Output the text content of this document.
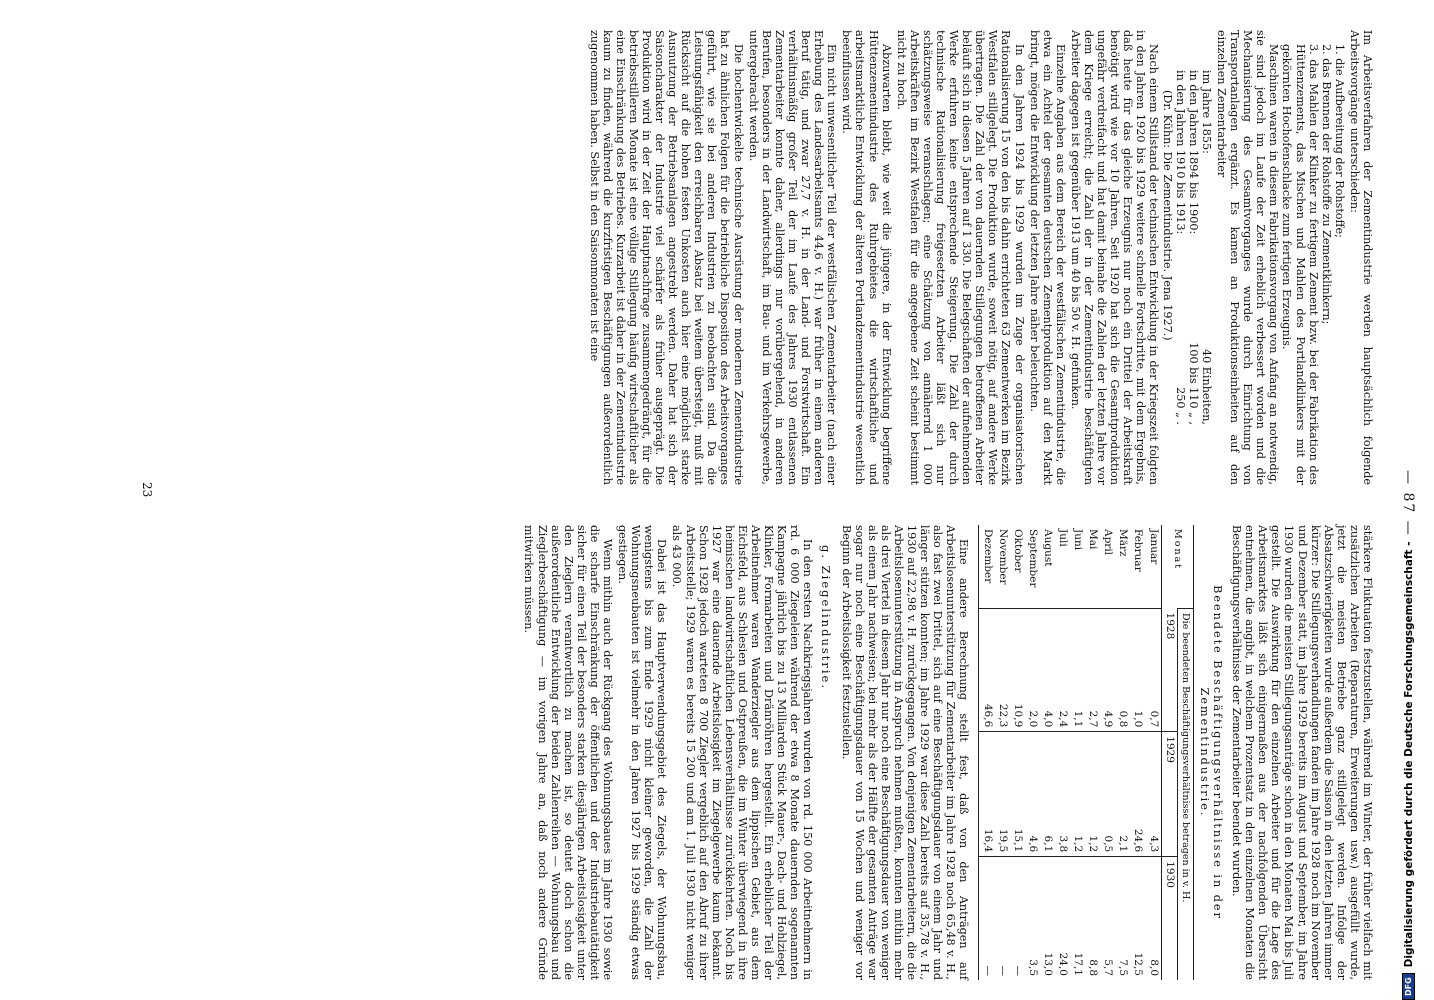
— 87 —

Im Arbeitsverfahren der Zementindustrie werden hauptsächlich folgende Arbeitsvorgänge unterschieden:

1. die Aufbereitung der Rohstoffe;
2. das Brennen der Rohstoffe zu Zementklinkern;
3. das Mahlen der Klinker zu fertigem Zement bzw. bei der Fabrikation des Hüttenzements, das Mischen und Mahlen des Portlandklinkers mit der gekörnten Hochofenschlacke zum fertigen Erzeugnis.

Maschinen waren in diesem Fabrikationsvorgang von Anfang an notwendig, sie sind jedoch im Laufe der Zeit erheblich verbessert worden und die Mechanisierung des Gesamtvorganges wurde durch Einrichtung von Transportanlagen ergänzt. Es kamen an Produktionseinheiten auf den einzelnen Zementarbeiter

im Jahre 1855:
40 Einheiten,
in den Jahren 1894 bis 1900:
100 bis 110 „ ,
in den Jahren 1910 bis 1913:
250 „ .
(Dr. Kühn: Die Zementindustrie. Jena 1927.)

Nach einem Stillstand der technischen Entwicklung in der Kriegszeit folgten in den Jahren 1920 bis 1929 weitere schnelle Fortschritte, mit dem Ergebnis, daß heute für das gleiche Erzeugnis nur noch ein Drittel der Arbeitskraft benötigt wird wie vor 10 Jahren. Seit 1920 hat sich die Gesamtproduktion ungefähr verdreifacht und hat damit beinahe die Zahlen der letzten Jahre vor dem Kriege erreicht; die Zahl der in der Zementindustrie beschäftigten Arbeiter dagegen ist gegenüber 1913 um 40 bis 50 v. H. gefunken.

Einzelne Angaben aus dem Bereich der westfälischen Zementindustrie, die etwa ein Achtel der gesamten deutschen Zementproduktion auf den Markt bringt, mögen die Entwicklung der letzten Jahre näher beleuchten.

In den Jahren 1924 bis 1929 wurden im Zuge der organisatorischen Rationalisierung 15 von den bis dahin errichteten 63 Zementwerken im Bezirk Westfalen stillgelegt. Die Produktion wurde, soweit nötig, auf andere Werke übertragen. Die Zahl der von dauernden Stillegungen betroffenen Arbeiter beläuft sich in diesen 5 Jahren auf 1 330. Die Belegschaften der aufnehmenden Werke erfuhren keine entsprechende Steigerung. Die Zahl der durch technische Rationalisierung freigesetzten Arbeiter läßt sich nur schätzungsweise veranschlagen; eine Schätzung von annähernd 1 000 Arbeitskräften im Bezirk Westfalen für die angegebene Zeit scheint bestimmt nicht zu hoch.

Abzuwarten bleibt, wie weit die jüngere, in der Entwicklung begriffene Hüttenzementindustrie des Ruhrgebietes die wirtschaftliche und arbeitsmarktliche Entwicklung der älteren Portlandzementindustrie wesentlich beeinflussen wird.

Ein nicht unwesentlicher Teil der westfälischen Zementarbeiter (nach einer Erhebung des Landesarbeitsamts 44,6 v. H.) war früher in einem anderen Beruf tätig, und zwar 27,7 v. H. in der Land- und Forstwirtschaft. Ein verhältnismäßig großer Teil der im Laufe des Jahres 1930 entlassenen Zementarbeiter konnte daher, allerdings nur vorübergehend, in anderen Berufen, besonders in der Landwirtschaft, im Bau- und im Verkehrsgewerbe, untergebracht werden.

Die hochentwickelte technische Ausrüstung der modernen Zementindustrie hat zu ähnlichen Folgen für die betriebliche Disposition des Arbeitsvorganges geführt, wie sie bei anderen Industrien zu beobachten sind. Da die Leistungsfähigkeit den erreichbaren Absatz bei weitem übersteigt, muß mit Rücksicht auf die hohen festen Unkosten auch hier eine möglichst starke Ausnutzung der Betriebsanlagen angestrebt werden. Daher hat sich der Saisoncharakter der Industrie viel schärfer als früher ausgeprägt. Die Produktion wird in der Zeit der Hauptnachfrage zusammengedrängt, für die betriebsstilleren Monate ist eine völlige Stillegung häufig wirtschaftlicher als eine Einschränkung des Betriebes. Kurzarbeit ist daher in der Zementindustrie kaum zu finden, während die kurzfristigen Beschäftigungen außerordentlich zugenommen haben. Selbst in den Saisonmonaten ist eine

stärkere Fluktuation festzustellen, während im Winter, der früher vielfach mit zusätzlichen Arbeiten (Reparaturen, Erweiterungen usw.) ausgefüllt wurde, jetzt die meisten Betriebe ganz stillgelegt werden. Infolge der Absatzschwierigkeiten wurde außerdem die Saison in den letzten Jahren immer kürzer: Die Stillegungsverhandlungen fanden im Jahre 1928 noch im November und Dezember statt, im Jahre 1929 bereits im August und September, im Jahre 1930 wurden die meisten Stillegungsanträge schon in den Monaten Mai bis Juli gestellt. Die Auswirkung für den einzelnen Arbeiter und für die Lage des Arbeitsmarktes läßt sich einigermaßen aus der nachfolgenden Übersicht entnehmen, die angibt, in welchem Prozentsatz in den einzelnen Monaten die Beschäftigungsverhältnisse der Zementarbeiter beendet wurden.

Beendete Beschäftigungsverhältnisse in der Zementindustrie.
Monat	Die beendeten Beschäftigungsverhältnisse betragen in v. H.		
	1928	1929	1930
Januar	0,7	4,3	8,0
Februar	1,0	24,6	12,5
März	0,8	2,1	7,5
April	4,9	0,5	5,7
Mai	2,7	1,2	8,8
Juni	1,1	1,2	17,1
Juli	2,4	3,8	24,0
August	4,0	6,1	13,0
September	2,0	4,6	3,5
Oktober	10,9	15,1	—
November	22,3	19,5	—
Dezember	46,6	16,4	—

Eine andere Berechnung stellt fest, daß von den Anträgen auf Arbeitslosenunterstützung für Zementarbeiter im Jahre 1928 noch 65,48 v. H., also fast zwei Drittel, sich auf eine Beschäftigungsdauer von einem Jahr und länger stützen konnten; im Jahre 1929 war diese Zahl bereits auf 35,78 v. H., 1930 auf 22,98 v. H. zurückgegangen. Von denjenigen Zementarbeitern, die die Arbeitslosenunterstützung in Anspruch nehmen mußten, konnten mithin mehr als drei Viertel in diesem Jahr nur noch eine Beschäftigungsdauer von weniger als einem Jahr nachweisen; bei mehr als der Hälfte der gesamten Anträge war sogar nur noch eine Beschäftigungsdauer von 15 Wochen und weniger vor Beginn der Arbeitslosigkeit festzustellen.

g. Ziegelindustrie.

In den ersten Nachkriegsjahren wurden von rd. 150 000 Arbeitnehmern in rd. 6 000 Ziegeleien während der etwa 8 Monate dauernden sogenannten Kampagne jährlich bis zu 13 Milliarden Stück Mauer-, Dach- und Hohlziegel, Klinker, Formarbeiten und Dränröhren hergestellt. Ein erheblicher Teil der Arbeitnehmer waren Wanderziegler aus dem lippischen Gebiet, aus dem Eichsfeld, aus Schlesien und Ostpreußen, die im Winter überwiegend in ihre heimischen landwirtschaftlichen Lebensverhältnisse zurückkehrten. Noch bis 1927 war eine dauernde Arbeitslosigkeit im Ziegelgewerbe kaum bekannt. Schon 1928 jedoch warteten 8 700 Ziegler vergeblich auf den Abruf zu ihrer Arbeitsstelle; 1929 waren es bereits 15 200 und am 1. Juli 1930 nicht weniger als 43 000.

Dabei ist das Hauptverwendungsgebiet des Ziegels, der Wohnungsbau, wenigstens bis zum Ende 1929 nicht kleiner geworden, die Zahl der Wohnungsneubauten ist vielmehr in den Jahren 1927 bis 1929 ständig etwas gestiegen.

Wenn mithin auch der Rückgang des Wohnungsbaues im Jahre 1930 sowie die scharfe Einschränkung der öffentlichen und der Industriebautätigkeit sicher für einen Teil der besonders starken diesjährigen Arbeitslosigkeit unter den Zieglern verantwortlich zu machen ist, so deutet doch schon die außerordentliche Entwicklung der beiden Zahlenreihen — Wohnungsbau und Zieglerbeschäftigung — im vorigen Jahre an, daß noch andere Gründe mitwirken müssen.

23
DFG
Digitalisierung gefördert durch die Deutsche Forschungsgemeinschaft -
